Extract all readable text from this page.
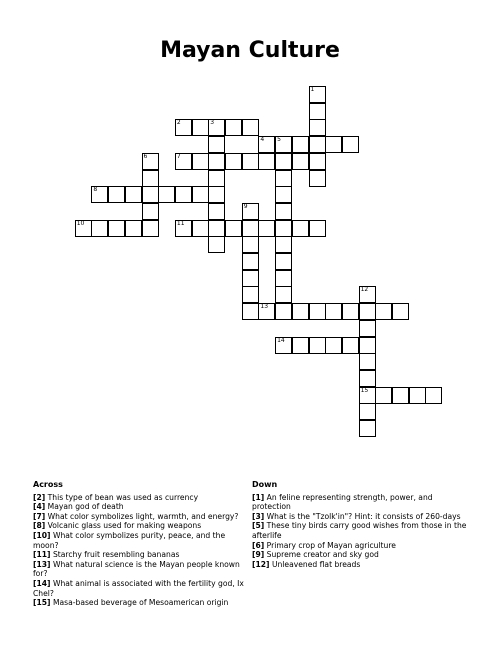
Mayan Culture
1
2	3
4 5
6	7
8
9
10	11
12
15
13
14
Across
[2] This type of bean was used as currency
[4] Mayan god of death
[7] What color symbolizes light, warmth, and energy?
[8] Volcanic glass used for making weapons
[10] What color symbolizes purity, peace, and the moon?
[11] Starchy fruit resembling bananas
[13] What natural science is the Mayan people known for?
[14] What animal is associated with the fertility god, Ix Chel?
[15] Masa-based beverage of Mesoamerican origin
Down
[1] An feline representing strength, power, and protection
[3] What is the "Tzolk'in"? Hint: it consists of 260-days
[5] These tiny birds carry good wishes from those in the afterlife
[6] Primary crop of Mayan agriculture
[9] Supreme creator and sky god
[12] Unleavened flat breads
